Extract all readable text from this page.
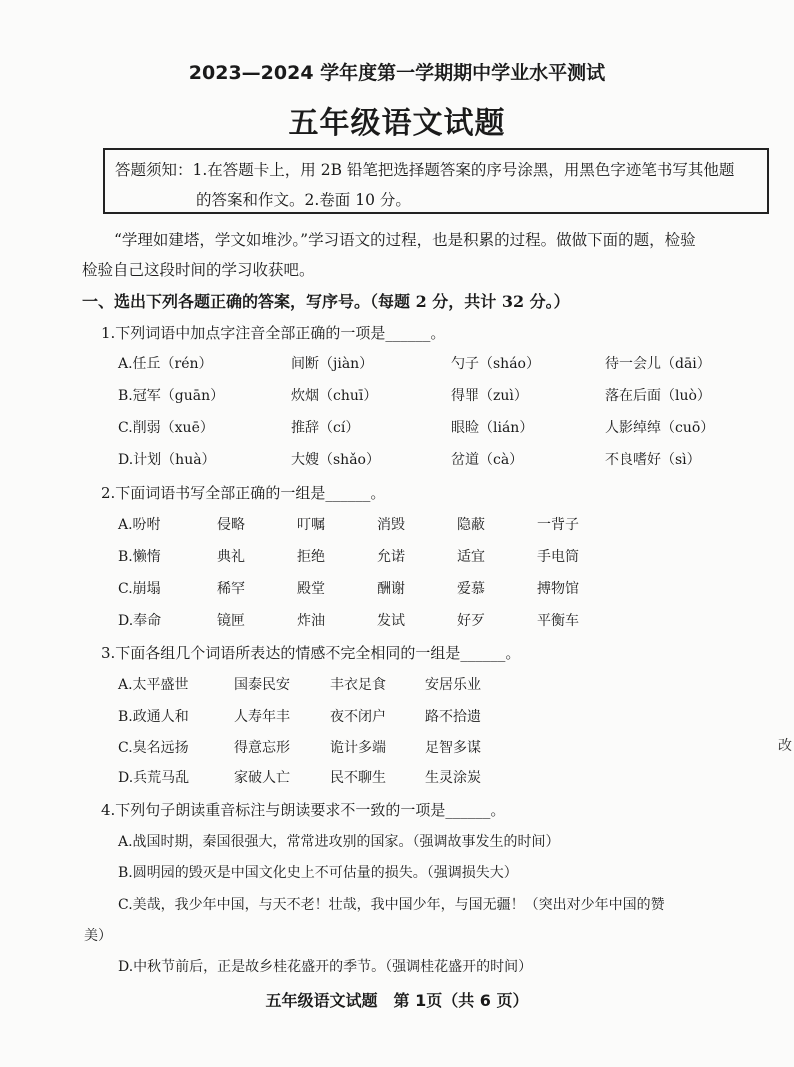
2023—2024 学年度第一学期期中学业水平测试
五年级语文试题
答题须知：1.在答题卡上，用 2B 铅笔把选择题答案的序号涂黑，用黑色字迹笔书写其他题
的答案和作文。2.卷面 10 分。
“学理如建塔，学文如堆沙。”学习语文的过程，也是积累的过程。做做下面的题，检验
检验自己这段时间的学习收获吧。
一、选出下列各题正确的答案，写序号。（每题 2 分，共计 32 分。）
1.下列词语中加点字注音全部正确的一项是______。
A.任丘（rén）	间断（jiàn）	勺子（sháo）	待一会儿（dāi）
B.冠军（guān）	炊烟（chuī）	得罪（zuì）	落在后面（luò）
C.削弱（xuē）	推辞（cí）	眼睑（lián）	人影绰绰（cuō）
D.计划（huà）	大嫂（shǎo）	岔道（cà）	不良嗜好（sì）
2.下面词语书写全部正确的一组是______。
A.吩咐	侵略	叮嘱	消毁	隐蔽	一背子
B.懒惰	典礼	拒绝	允诺	适宜	手电筒
C.崩塌	稀罕	殿堂	酬谢	爱慕	搏物馆
D.奉命	镜匣	炸油	发试	好歹	平衡车
3.下面各组几个词语所表达的情感不完全相同的一组是______。
A.太平盛世	国泰民安	丰衣足食	安居乐业
B.政通人和	人寿年丰	夜不闭户	路不拾遗
C.臭名远扬	得意忘形	诡计多端	足智多谋
D.兵荒马乱	家破人亡	民不聊生	生灵涂炭
改
4.下列句子朗读重音标注与朗读要求不一致的一项是______。
A.战国时期，秦国很强大，常常进攻别的国家。（强调故事发生的时间）
B.圆明园的毁灭是中国文化史上不可估量的损失。（强调损失大）
C.美哉，我少年中国，与天不老！壮哉，我中国少年，与国无疆！（突出对少年中国的赞
美）
D.中秋节前后，正是故乡桂花盛开的季节。（强调桂花盛开的时间）
五年级语文试题　第 1页（共 6 页）
